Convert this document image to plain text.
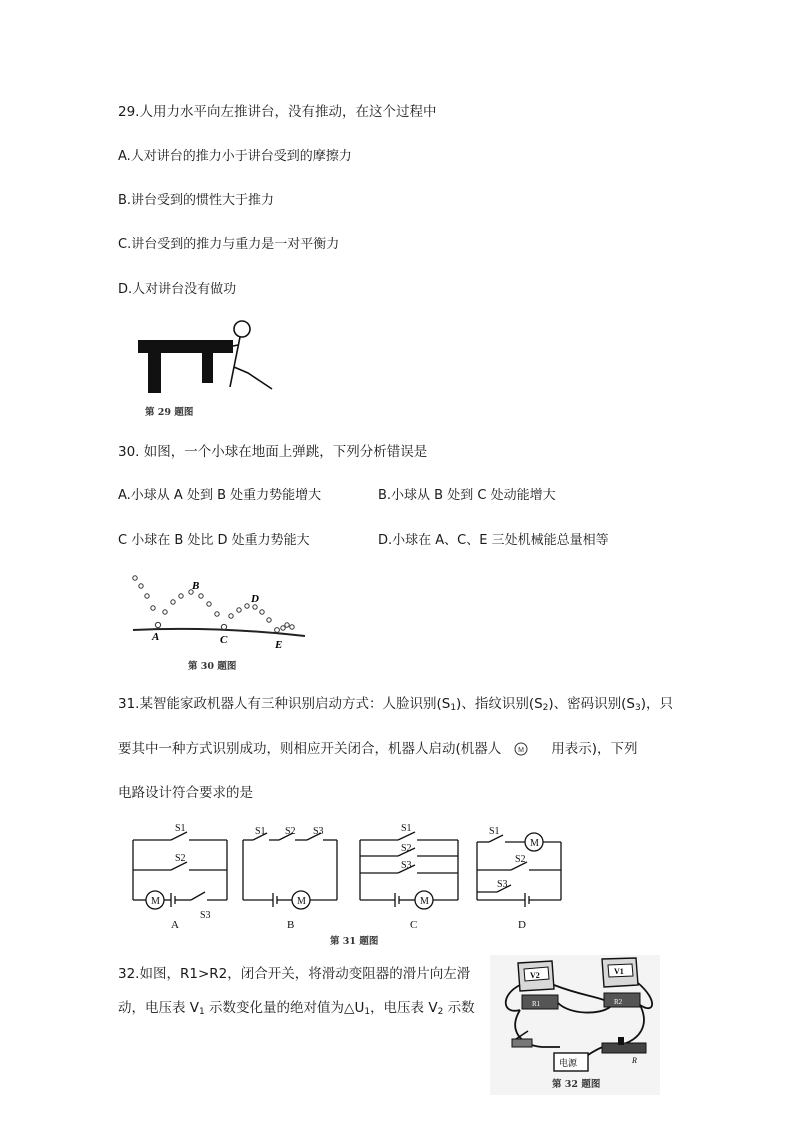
29.人用力水平向左推讲台，没有推动，在这个过程中
A.人对讲台的推力小于讲台受到的摩擦力
B.讲台受到的惯性大于推力
C.讲台受到的推力与重力是一对平衡力
D.人对讲台没有做功
第 29 题图
30. 如图，一个小球在地面上弹跳，下列分析错误是
A.小球从 A 处到 B 处重力势能增大	B.小球从 B 处到 C 处动能增大
C 小球在 B 处比 D 处重力势能大	D.小球在 A、C、E 三处机械能总量相等
A
B
C
D
E
第 30 题图
31.某智能家政机器人有三种识别启动方式：人脸识别$(S_1)$、指纹识别$(S_2)$、密码识别$(S_3)$，只
要其中一种方式识别成功，则相应开关闭合，机器人启动(机器人 M 用表示)，下列
电路设计符合要求的是
S1
S2
S3
M
S1 S2 S3
M
S1
S2
S3
M
S1
S2
S3
M
A	B	C	D
第 31 题图
32.如图，R1>R2，闭合开关，将滑动变阻器的滑片向左滑
动，电压表 $V_1$ 示数变化量的绝对值为$\triangle U_1$，电压表 $V_2$ 示数
V2	V1
R1	R2
电源	R
第 32 题图
